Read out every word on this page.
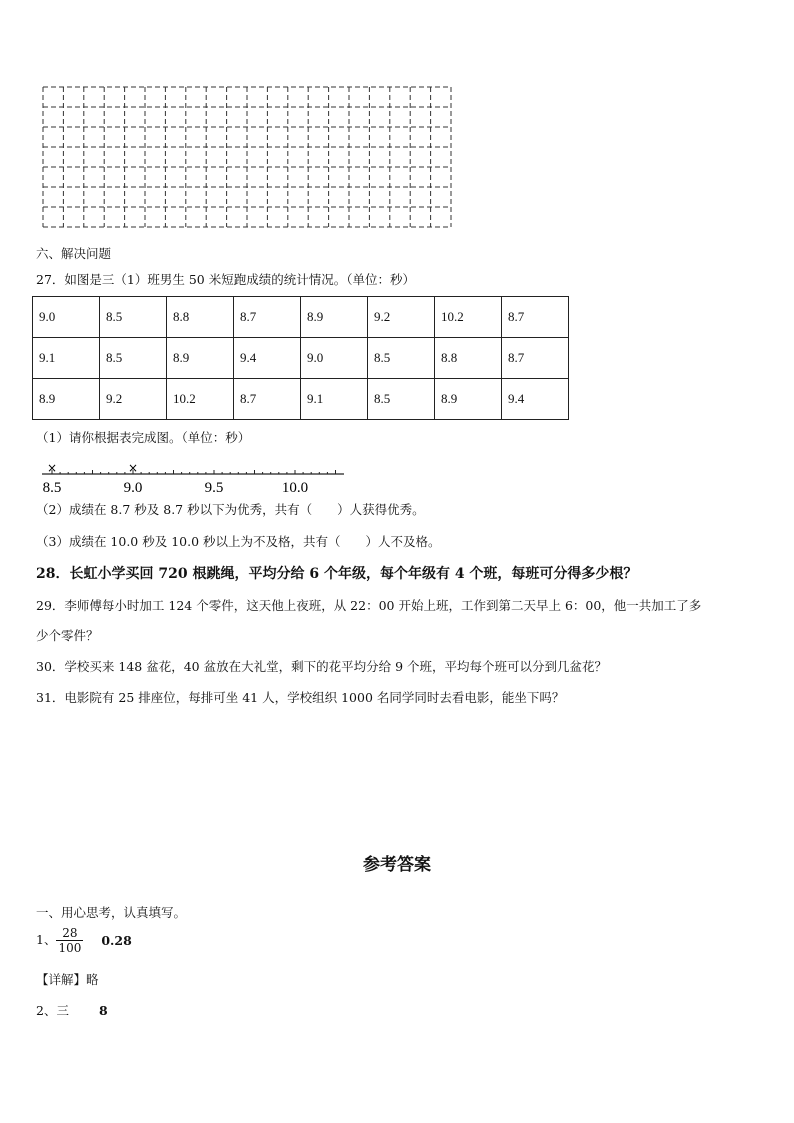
六、解决问题
27．如图是三（1）班男生 50 米短跑成绩的统计情况。（单位：秒）
9.0	8.5	8.8	8.7	8.9	9.2	10.2	8.7
9.1	8.5	8.9	9.4	9.0	8.5	8.8	8.7
8.9	9.2	10.2	8.7	9.1	8.5	8.9	9.4
（1）请你根据表完成图。（单位：秒）
8.5	9.0	9.5	10.0
×	×
（2）成绩在 8.7 秒及 8.7 秒以下为优秀，共有（　　）人获得优秀。
（3）成绩在 10.0 秒及 10.0 秒以上为不及格，共有（　　）人不及格。
28．长虹小学买回 720 根跳绳，平均分给 6 个年级，每个年级有 4 个班，每班可分得多少根？
29．李师傅每小时加工 124 个零件，这天他上夜班，从 22：00 开始上班，工作到第二天早上 6：00，他一共加工了多
少个零件？
30．学校买来 148 盆花，40 盆放在大礼堂，剩下的花平均分给 9 个班，平均每个班可以分到几盆花？
31．电影院有 25 排座位，每排可坐 41 人，学校组织 1000 名同学同时去看电影，能坐下吗？
参考答案
一、用心思考，认真填写。
1、 $\frac{28}{100} 0.28$
【详解】略
2、三 8
